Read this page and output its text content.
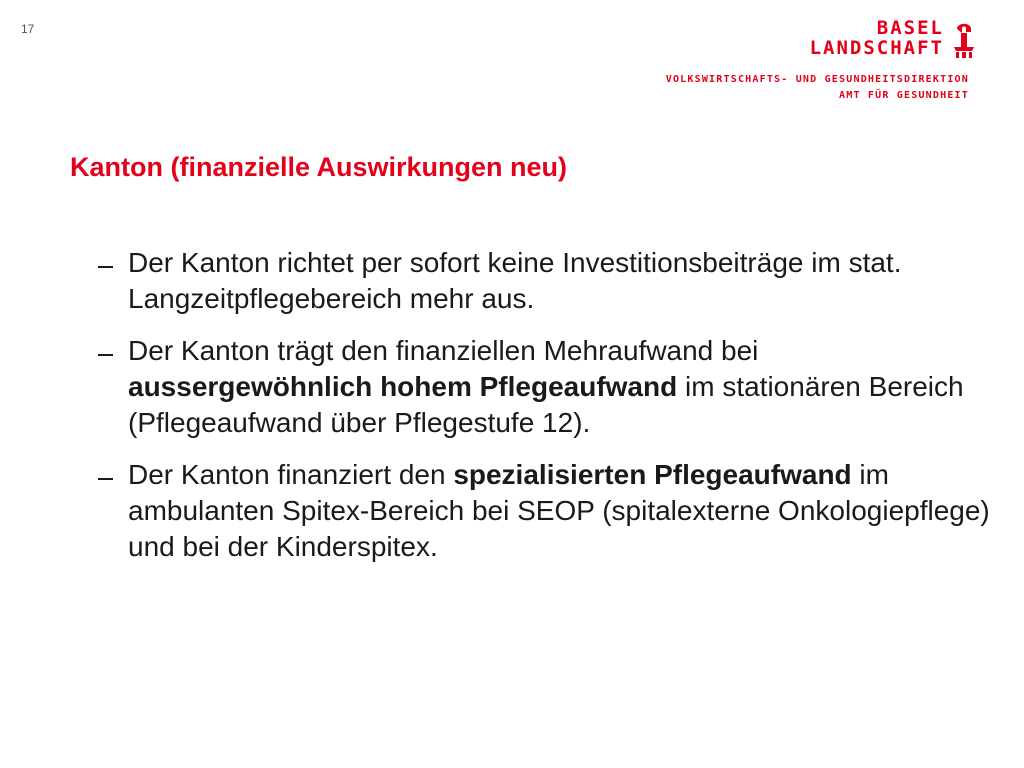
17	BASEL
LANDSCHAFT
VOLKSWIRTSCHAFTS- UND GESUNDHEITSDIREKTION
AMT FÜR GESUNDHEIT
Kanton (finanzielle Auswirkungen neu)
Der Kanton richtet per sofort keine Investitionsbeiträge im stat. Langzeitpflegebereich mehr aus.
Der Kanton trägt den finanziellen Mehraufwand bei aussergewöhnlich hohem Pflegeaufwand im stationären Bereich (Pflegeaufwand über Pflegestufe 12).
Der Kanton finanziert den spezialisierten Pflegeaufwand im ambulanten Spitex-Bereich bei SEOP (spitalexterne Onkologiepflege) und bei der Kinderspitex.
